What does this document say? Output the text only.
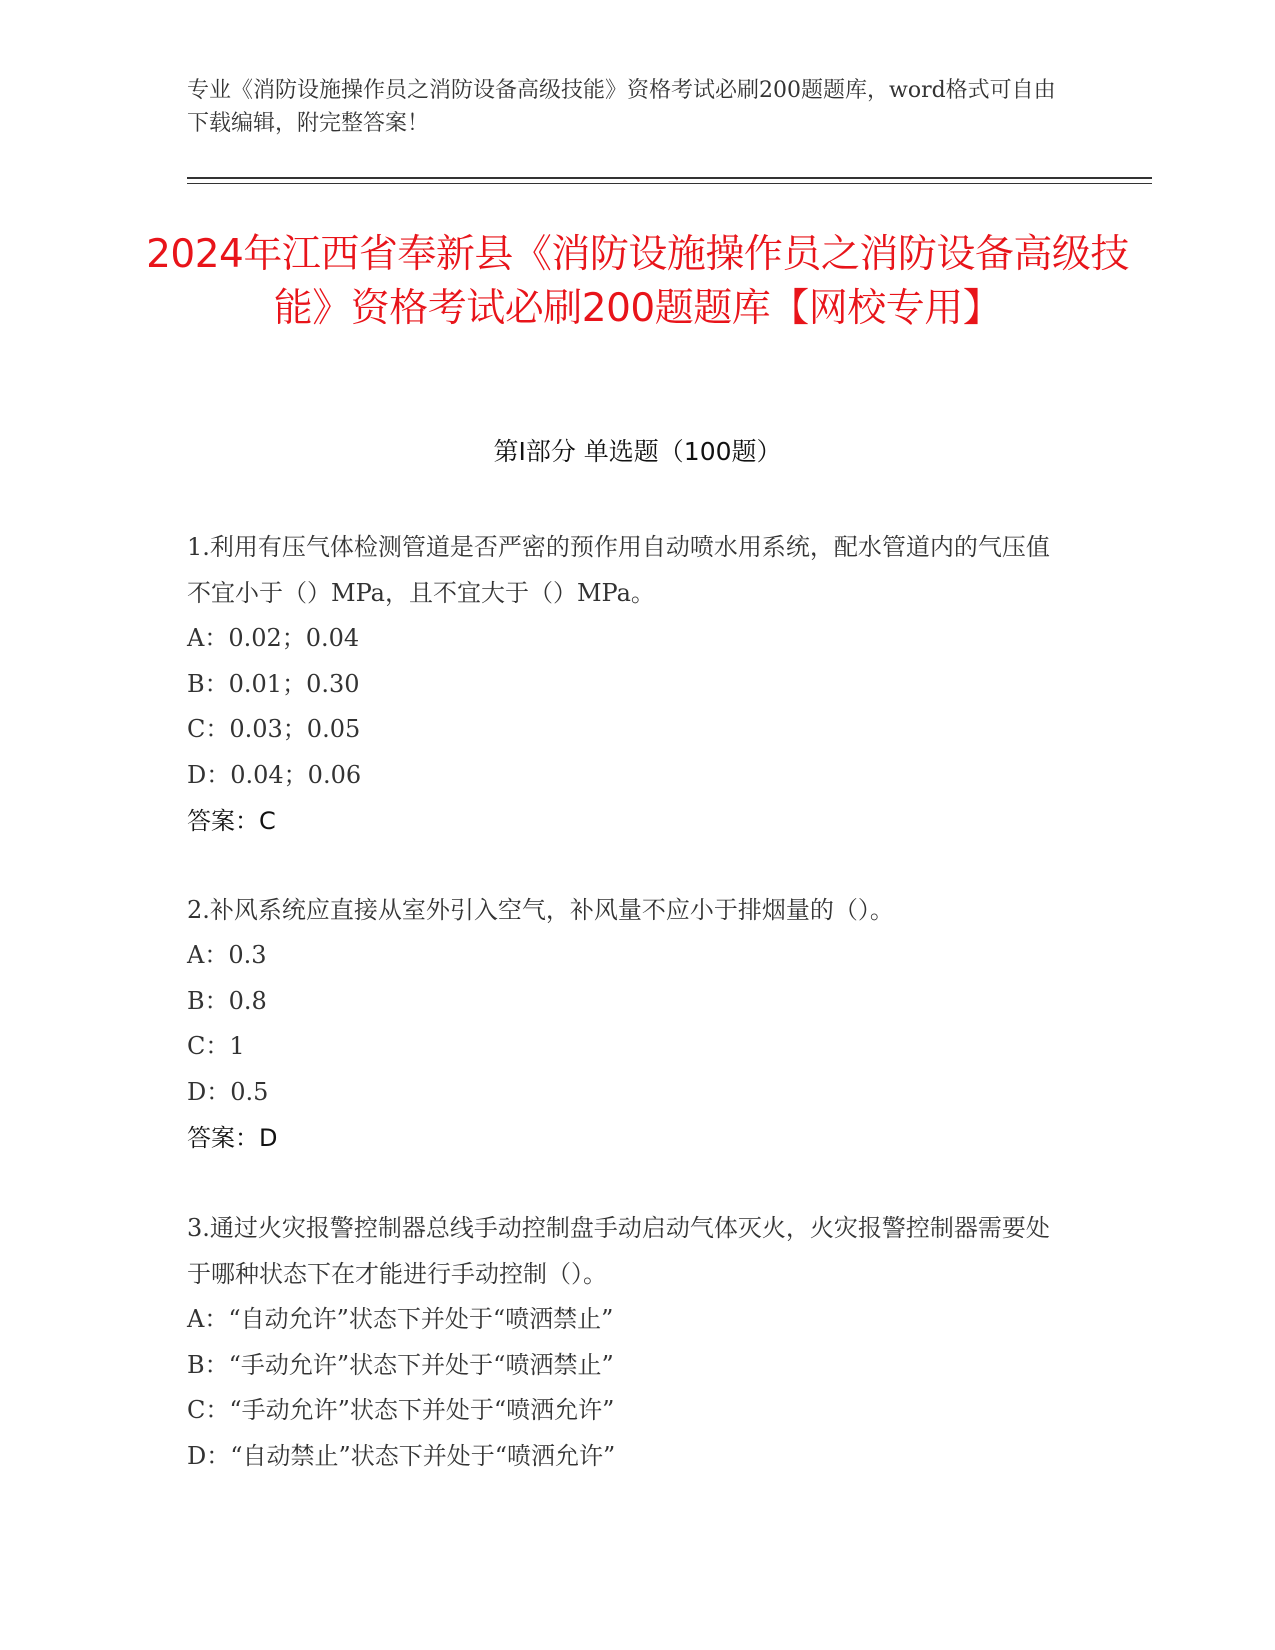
专业《消防设施操作员之消防设备高级技能》资格考试必刷200题题库，word格式可自由下载编辑，附完整答案！
2024年江西省奉新县《消防设施操作员之消防设备高级技能》资格考试必刷200题题库【网校专用】
第I部分 单选题（100题）

1.利用有压气体检测管道是否严密的预作用自动喷水用系统，配水管道内的气压值不宜小于（）MPa，且不宜大于（）MPa。

A：0.02；0.04

B：0.01；0.30

C：0.03；0.05

D：0.04；0.06

答案：C

2.补风系统应直接从室外引入空气，补风量不应小于排烟量的（）。

A：0.3

B：0.8

C：1

D：0.5

答案：D

3.通过火灾报警控制器总线手动控制盘手动启动气体灭火，火灾报警控制器需要处于哪种状态下在才能进行手动控制（）。

A：“自动允许”状态下并处于“喷洒禁止”

B：“手动允许”状态下并处于“喷洒禁止”

C：“手动允许”状态下并处于“喷洒允许”

D：“自动禁止”状态下并处于“喷洒允许”
